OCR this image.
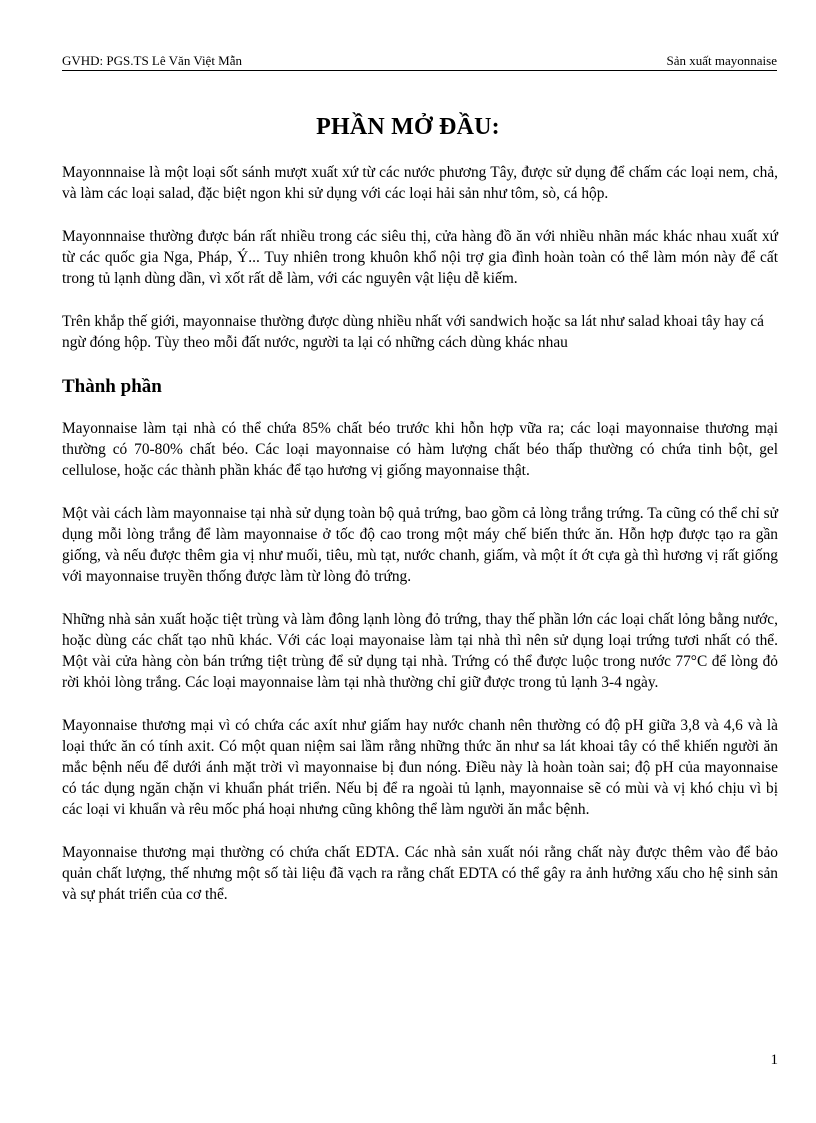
GVHD: PGS.TS Lê Văn Việt Mẫn	Sản xuất mayonnaise
PHẦN MỞ ĐẦU:

Mayonnnaise là một loại sốt sánh mượt xuất xứ từ các nước phương Tây, được sử dụng để chấm các loại nem, chả, và làm các loại salad, đặc biệt ngon khi sử dụng với các loại hải sản như tôm, sò, cá hộp.

Mayonnnaise thường được bán rất nhiều trong các siêu thị, cửa hàng đồ ăn với nhiều nhãn mác khác nhau xuất xứ từ các quốc gia Nga, Pháp, Ý... Tuy nhiên trong khuôn khổ nội trợ gia đình hoàn toàn có thể làm món này để cất trong tủ lạnh dùng dần, vì xốt rất dễ làm, với các nguyên vật liệu dễ kiếm.

Trên khắp thế giới, mayonnaise thường được dùng nhiều nhất với sandwich hoặc sa lát như salad khoai tây hay cá ngừ đóng hộp. Tùy theo mỗi đất nước, người ta lại có những cách dùng khác nhau

Thành phần

Mayonnaise làm tại nhà có thể chứa 85% chất béo trước khi hỗn hợp vữa ra; các loại mayonnaise thương mại thường có 70-80% chất béo. Các loại mayonnaise có hàm lượng chất béo thấp thường có chứa tinh bột, gel cellulose, hoặc các thành phần khác để tạo hương vị giống mayonnaise thật.

Một vài cách làm mayonnaise tại nhà sử dụng toàn bộ quả trứng, bao gồm cả lòng trắng trứng. Ta cũng có thể chỉ sử dụng mỗi lòng trắng để làm mayonnaise ở tốc độ cao trong một máy chế biến thức ăn. Hỗn hợp được tạo ra gần giống, và nếu được thêm gia vị như muối, tiêu, mù tạt, nước chanh, giấm, và một ít ớt cựa gà thì hương vị rất giống với mayonnaise truyền thống được làm từ lòng đỏ trứng.

Những nhà sản xuất hoặc tiệt trùng và làm đông lạnh lòng đỏ trứng, thay thế phần lớn các loại chất lỏng bằng nước, hoặc dùng các chất tạo nhũ khác. Với các loại mayonaise làm tại nhà thì nên sử dụng loại trứng tươi nhất có thể. Một vài cửa hàng còn bán trứng tiệt trùng để sử dụng tại nhà. Trứng có thể được luộc trong nước 77°C để lòng đỏ rời khỏi lòng trắng. Các loại mayonnaise làm tại nhà thường chỉ giữ được trong tủ lạnh 3-4 ngày.

Mayonnaise thương mại vì có chứa các axít như giấm hay nước chanh nên thường có độ pH giữa 3,8 và 4,6 và là loại thức ăn có tính axit. Có một quan niệm sai lầm rằng những thức ăn như sa lát khoai tây có thể khiến người ăn mắc bệnh nếu để dưới ánh mặt trời vì mayonnaise bị đun nóng. Điều này là hoàn toàn sai; độ pH của mayonnaise có tác dụng ngăn chặn vi khuẩn phát triển. Nếu bị để ra ngoài tủ lạnh, mayonnaise sẽ có mùi và vị khó chịu vì bị các loại vi khuẩn và rêu mốc phá hoại nhưng cũng không thể làm người ăn mắc bệnh.

Mayonnaise thương mại thường có chứa chất EDTA. Các nhà sản xuất nói rằng chất này được thêm vào để bảo quản chất lượng, thế nhưng một số tài liệu đã vạch ra rằng chất EDTA có thể gây ra ảnh hưởng xấu cho hệ sinh sản và sự phát triển của cơ thể.

1
